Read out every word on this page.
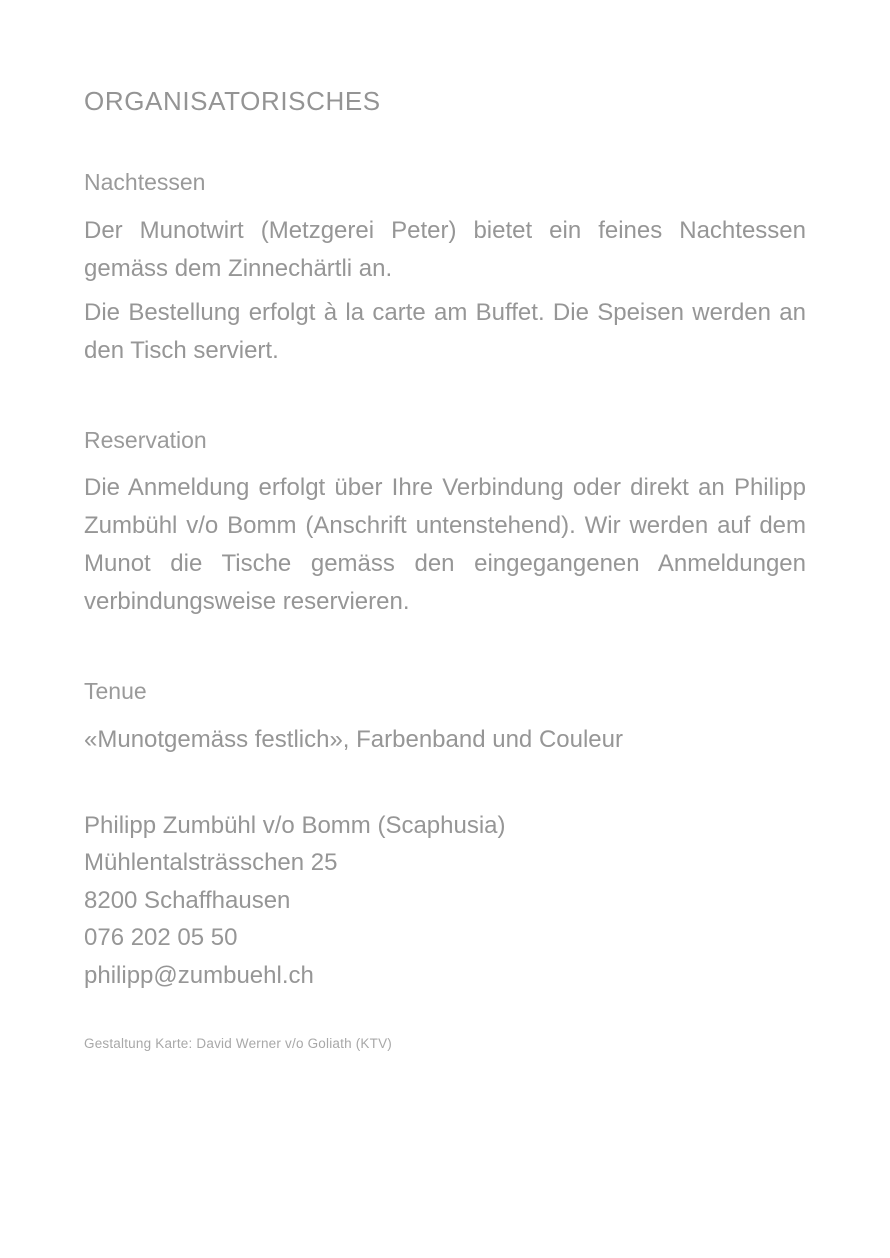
ORGANISATORISCHES
Nachtessen

Der Munotwirt (Metzgerei Peter) bietet ein feines Nachtessen gemäss dem Zinnechärtli an.

Die Bestellung erfolgt à la carte am Buffet. Die Speisen werden an den Tisch serviert.

Reservation

Die Anmeldung erfolgt über Ihre Verbindung oder direkt an Philipp Zumbühl v/o Bomm (Anschrift untenstehend). Wir werden auf dem Munot die Tische gemäss den eingegangenen Anmeldungen verbindungsweise reservieren.

Tenue

«Munotgemäss festlich», Farbenband und Couleur

Philipp Zumbühl v/o Bomm (Scaphusia)
Mühlentalsträsschen 25
8200 Schaffhausen
076 202 05 50
philipp@zumbuehl.ch
Gestaltung Karte: David Werner v/o Goliath (KTV)
